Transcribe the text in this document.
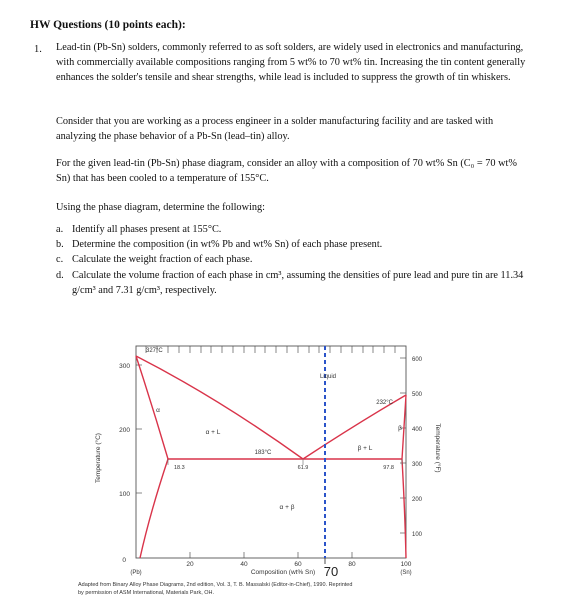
HW Questions (10 points each):
1. Lead-tin (Pb-Sn) solders, commonly referred to as soft solders, are widely used in electronics and manufacturing, with commercially available compositions ranging from 5 wt% to 70 wt% tin. Increasing the tin content generally enhances the solder's tensile and shear strengths, while lead is included to suppress the growth of tin whiskers.
Consider that you are working as a process engineer in a solder manufacturing facility and are tasked with analyzing the phase behavior of a Pb-Sn (lead–tin) alloy.
For the given lead-tin (Pb-Sn) phase diagram, consider an alloy with a composition of 70 wt% Sn (C₀ = 70 wt% Sn) that has been cooled to a temperature of 155°C.
Using the phase diagram, determine the following:
a. Identify all phases present at 155°C.
b. Determine the composition (in wt% Pb and wt% Sn) of each phase present.
c. Calculate the weight fraction of each phase.
d. Calculate the volume fraction of each phase in cm³, assuming the densities of pure lead and pure tin are 11.34 g/cm³ and 7.31 g/cm³, respectively.
300
200
100
0
600
500
400
300
200
100
Temperature (°C)	Temperature (°F)
20	40	60	80	100
(Pb)	(Sn)
Composition (wt% Sn) 70
327°C
232°C
183°C
18.3	61.9	97.8
Liquid
α + L
β + L
α + β
α
β
Adapted from Binary Alloy Phase Diagrams, 2nd edition, Vol. 3, T. B. Massalski (Editor-in-Chief), 1990. Reprinted
by permission of ASM International, Materials Park, OH.
